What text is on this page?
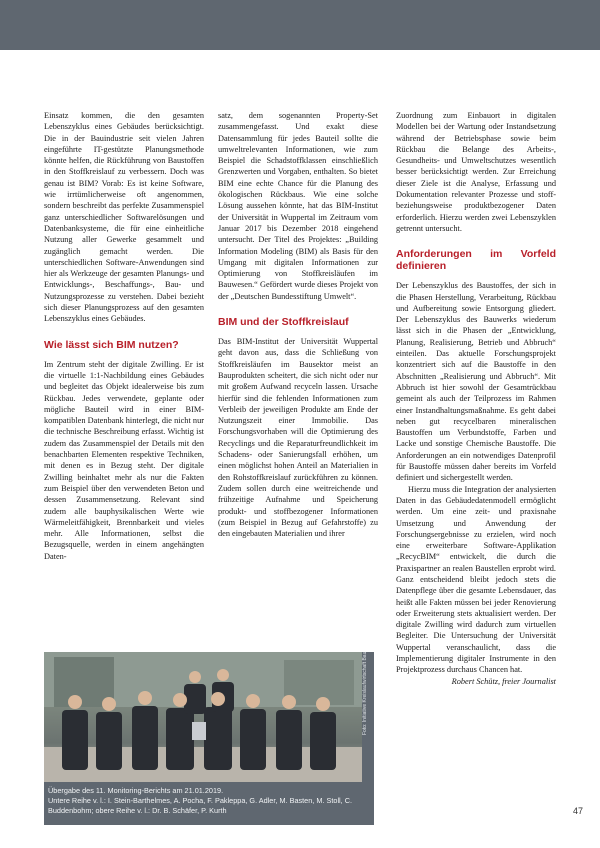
Einsatz kommen, die den gesamten Lebenszyklus eines Gebäudes berücksichtigt. Die in der Bauindustrie seit vielen Jahren eingeführte IT-gestützte Planungsmethode könnte helfen, die Rückführung von Baustoffen in den Stoffkreislauf zu verbessern. Doch was genau ist BIM? Vorab: Es ist keine Software, wie irrtümlicherweise oft angenommen, sondern beschreibt das perfekte Zusammenspiel ganz unterschiedlicher Softwarelösungen und Datenbanksysteme, die für eine einheitliche Nutzung aller Gewerke gesammelt und zugänglich gemacht werden. Die unterschiedlichen Software-Anwendungen sind hier als Werkzeuge der gesamten Planungs- und Entwicklungs-, Beschaffungs-, Bau- und Nutzungsprozesse zu verstehen. Dabei bezieht sich dieser Planungsprozess auf den gesamten Lebenszyklus eines Gebäudes.

Wie lässt sich BIM nutzen?

Im Zentrum steht der digitale Zwilling. Er ist die virtuelle 1:1-Nachbildung eines Gebäudes und begleitet das Objekt idealerweise bis zum Rückbau. Jedes verwendete, geplante oder mögliche Bauteil wird in einer BIM-kompatiblen Datenbank hinterlegt, die nicht nur die technische Beschreibung erfasst. Wichtig ist zudem das Zusammenspiel der Details mit den benachbarten Elementen respektive Techniken, mit denen es in Bezug steht. Der digitale Zwilling beinhaltet mehr als nur die Fakten zum Beispiel über den verwendeten Beton und dessen Zusammensetzung. Relevant sind zudem alle bauphysikalischen Werte wie Wärmeleitfähigkeit, Brennbarkeit und vieles mehr. Alle Informationen, selbst die Bezugsquelle, werden in einem angehängten Daten-

satz, dem sogenannten Property-Set zusammengefasst. Und exakt diese Datensammlung für jedes Bauteil sollte die umweltrelevanten Informationen, wie zum Beispiel die Schadstoffklassen einschließlich Grenzwerten und Vorgaben, enthalten. So bietet BIM eine echte Chance für die Planung des ökologischen Rückbaus. Wie eine solche Lösung aussehen könnte, hat das BIM-Institut der Universität in Wuppertal im Zeitraum vom Januar 2017 bis Dezember 2018 eingehend untersucht. Der Titel des Projektes: „Building Information Modeling (BIM) als Basis für den Umgang mit digitalen Informationen zur Optimierung von Stoffkreisläufen im Bauwesen.“ Gefördert wurde dieses Projekt von der „Deutschen Bundesstiftung Umwelt“.

BIM und der Stoffkreislauf

Das BIM-Institut der Universität Wuppertal geht davon aus, dass die Schließung von Stoffkreisläufen im Bausektor meist an Bauprodukten scheitert, die sich nicht oder nur mit großem Aufwand recyceln lassen. Ursache hierfür sind die fehlenden Informationen zum Verbleib der jeweiligen Produkte am Ende der Nutzungszeit einer Immobilie. Das Forschungsvorhaben will die Optimierung des Recyclings und die Reparaturfreundlichkeit im Schadens- oder Sanierungsfall erhöhen, um einen möglichst hohen Anteil an Materialien in den Rohstoffkreislauf zurückführen zu können. Zudem sollen durch eine weitreichende und frühzeitige Aufnahme und Speicherung produkt- und stoffbezogener Informationen (zum Beispiel in Bezug auf Gefahrstoffe) zu den eingebauten Materialien und ihrer

Zuordnung zum Einbauort in digitalen Modellen bei der Wartung oder Instandsetzung während der Betriebsphase sowie beim Rückbau die Belange des Arbeits-, Gesundheits- und Umweltschutzes wesentlich besser berücksichtigt werden. Zur Erreichung dieser Ziele ist die Analyse, Erfassung und Dokumentation relevanter Prozesse und stoff- beziehungsweise produktbezogener Daten erforderlich. Hierzu werden zwei Lebenszyklen getrennt untersucht.

Anforderungen im Vorfeld definieren

Der Lebenszyklus des Baustoffes, der sich in die Phasen Herstellung, Verarbeitung, Rückbau und Aufbereitung sowie Entsorgung gliedert. Der Lebenszyklus des Bauwerks wiederum lässt sich in die Phasen der „Entwicklung, Planung, Realisierung, Betrieb und Abbruch“ einteilen. Das aktuelle Forschungsprojekt konzentriert sich auf die Baustoffe in den Abschnitten „Realisierung und Abbruch“. Mit Abbruch ist hier sowohl der Gesamtrückbau gemeint als auch der Teilprozess im Rahmen einer Instandhaltungsmaßnahme. Es geht dabei neben gut recycelbaren mineralischen Baustoffen um Verbundstoffe, Farben und Lacke und sonstige Chemische Baustoffe. Die Anforderungen an ein notwendiges Datenprofil für Baustoffe müssen daher bereits im Vorfeld definiert und sichergestellt werden.

Hierzu muss die Integration der analysierten Daten in das Gebäudedatenmodell ermöglicht werden. Um eine zeit- und praxisnahe Umsetzung und Anwendung der Forschungsergebnisse zu erzielen, wird noch eine erweiterbare Software-Applikation „RecycBIM“ entwickelt, die durch die Praxispartner an realen Baustellen erprobt wird. Ganz entscheidend bleibt jedoch stets die Datenpflege über die gesamte Lebensdauer, das heißt alle Fakten müssen bei jeder Renovierung oder Erweiterung stets aktualisiert werden. Der digitale Zwilling wird dadurch zum virtuellen Begleiter. Die Untersuchung der Universität Wuppertal veranschaulicht, dass die Implementierung digitaler Instrumente in den Projektprozess durchaus Chancen hat.

Robert Schütz, freier Journalist

Foto: Initiative Kreislaufwirtschaft Bau
Übergabe des 11. Monitoring-Berichts am 21.01.2019.
Untere Reihe v. l.: I. Stein-Barthelmes, A. Pocha, F. Pakleppa, G. Adler, M. Basten, M. Stoll, C. Buddenbohm; obere Reihe v. l.: Dr. B. Schäfer, P. Kurth	47
